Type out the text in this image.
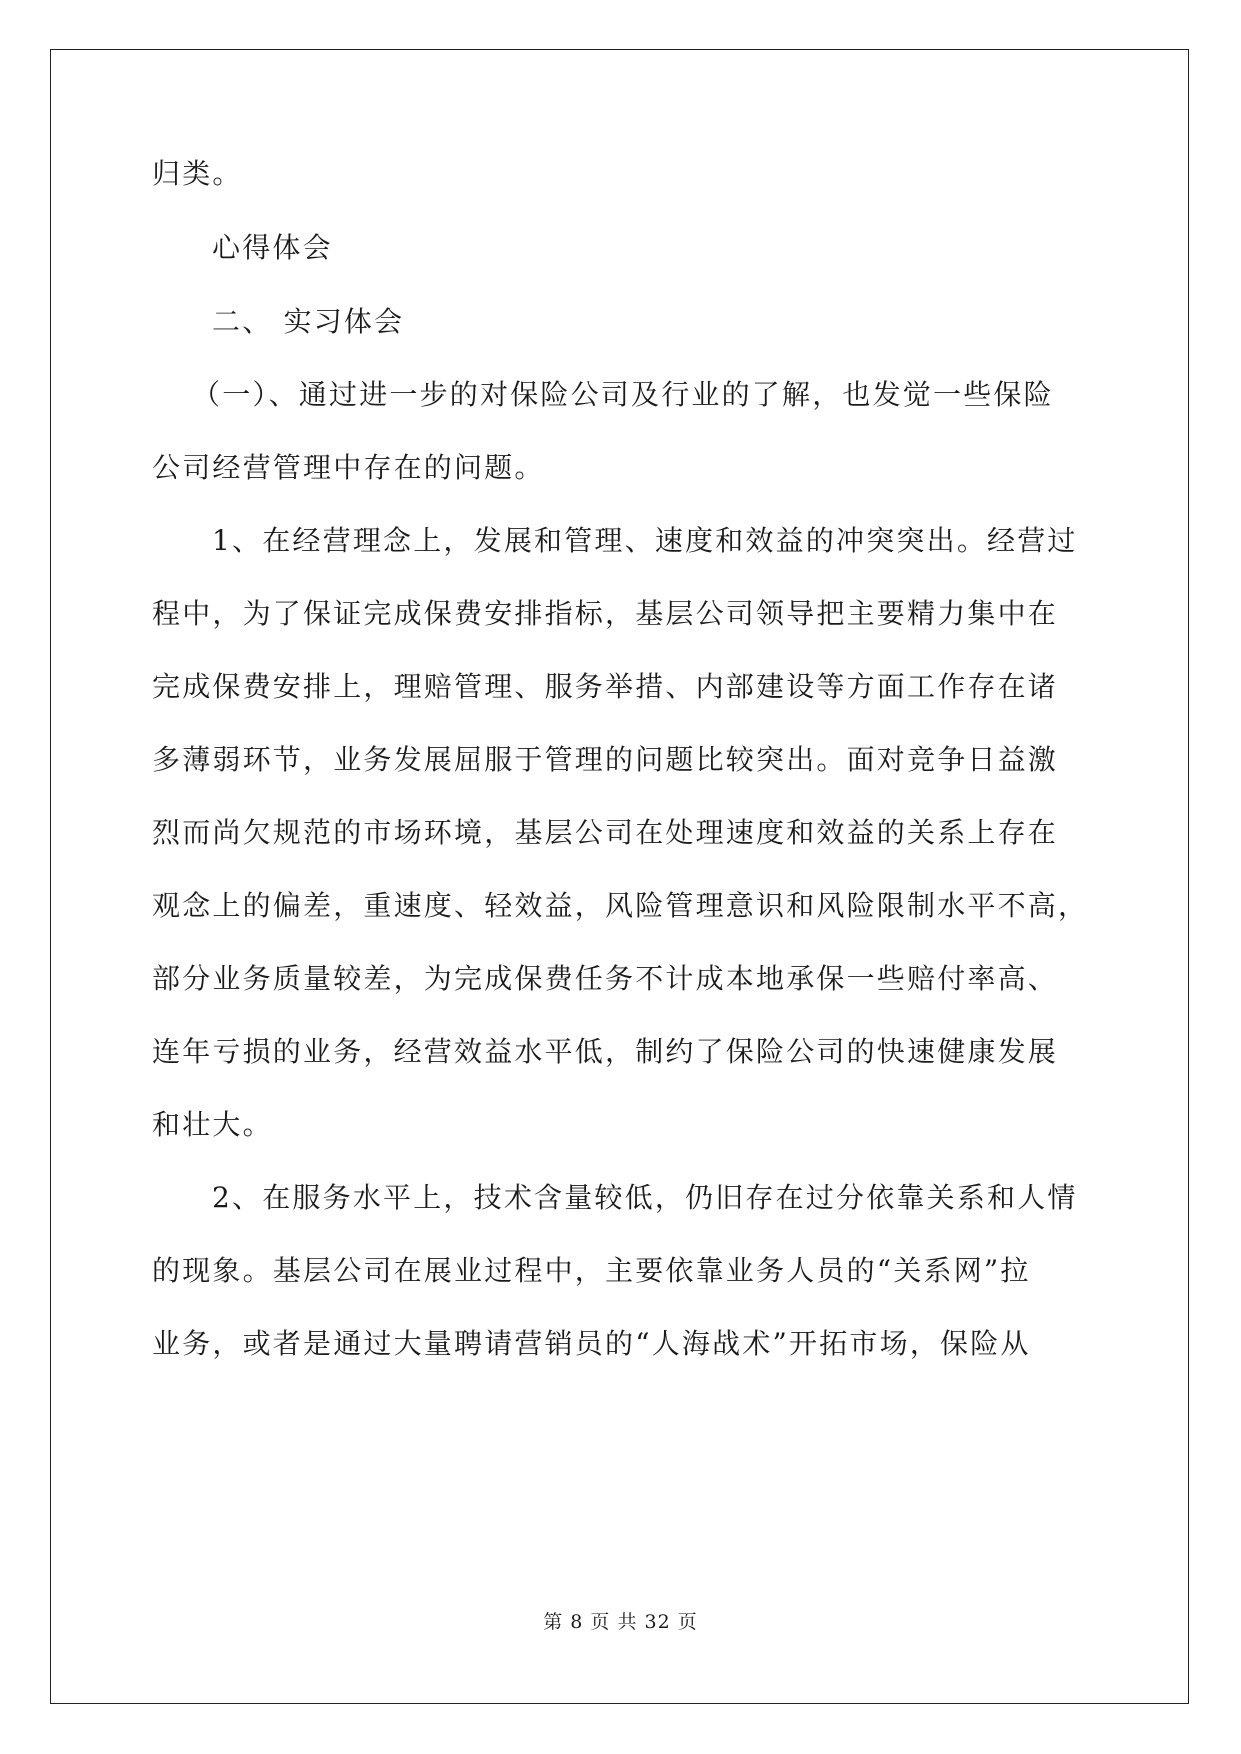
归类。
心得体会
二、 实习体会
（一）、通过进一步的对保险公司及行业的了解，也发觉一些保险
公司经营管理中存在的问题。
1、在经营理念上，发展和管理、速度和效益的冲突突出。经营过
程中，为了保证完成保费安排指标，基层公司领导把主要精力集中在
完成保费安排上，理赔管理、服务举措、内部建设等方面工作存在诸
多薄弱环节，业务发展屈服于管理的问题比较突出。面对竞争日益激
烈而尚欠规范的市场环境，基层公司在处理速度和效益的关系上存在
观念上的偏差，重速度、轻效益，风险管理意识和风险限制水平不高，
部分业务质量较差，为完成保费任务不计成本地承保一些赔付率高、
连年亏损的业务，经营效益水平低，制约了保险公司的快速健康发展
和壮大。
2、在服务水平上，技术含量较低，仍旧存在过分依靠关系和人情
的现象。基层公司在展业过程中，主要依靠业务人员的“关系网”拉
业务，或者是通过大量聘请营销员的“人海战术”开拓市场，保险从
第 8 页 共 32 页
